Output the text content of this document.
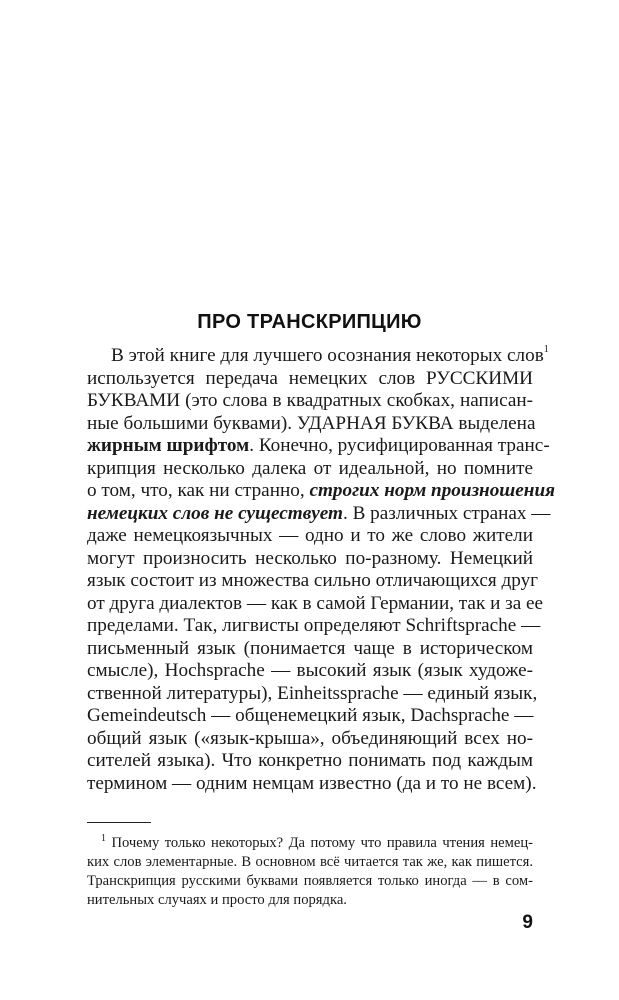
ПРО ТРАНСКРИПЦИЮ
В этой книге для лучшего осознания некоторых слов$^1$
используется передача немецких слов РУССКИМИ
БУКВАМИ (это слова в квадратных скобках, написан-
ные большими буквами). УДАРНАЯ БУКВА выделена
жирным шрифтом. Конечно, русифицированная транс-
крипция несколько далека от идеальной, но помните
о том, что, как ни странно, строгих норм произношения
немецких слов не существует. В различных странах —
даже немецкоязычных — одно и то же слово жители
могут произносить несколько по-разному. Немецкий
язык состоит из множества сильно отличающихся друг
от друга диалектов — как в самой Германии, так и за ее
пределами. Так, лигвисты определяют Schriftsprache —
письменный язык (понимается чаще в историческом
смысле), Hochsprache — высокий язык (язык художе-
ственной литературы), Einheitssprache — единый язык,
Gemeindeutsch — общенемецкий язык, Dachsprache —
общий язык («язык-крыша», объединяющий всех но-
сителей языка). Что конкретно понимать под каждым
термином — одним немцам известно (да и то не всем).
$^1$ Почему только некоторых? Да потому что правила чтения немец-
ких слов элементарные. В основном всё читается так же, как пишется.
Транскрипция русскими буквами появляется только иногда — в сом-
нительных случаях и просто для порядка.
9
